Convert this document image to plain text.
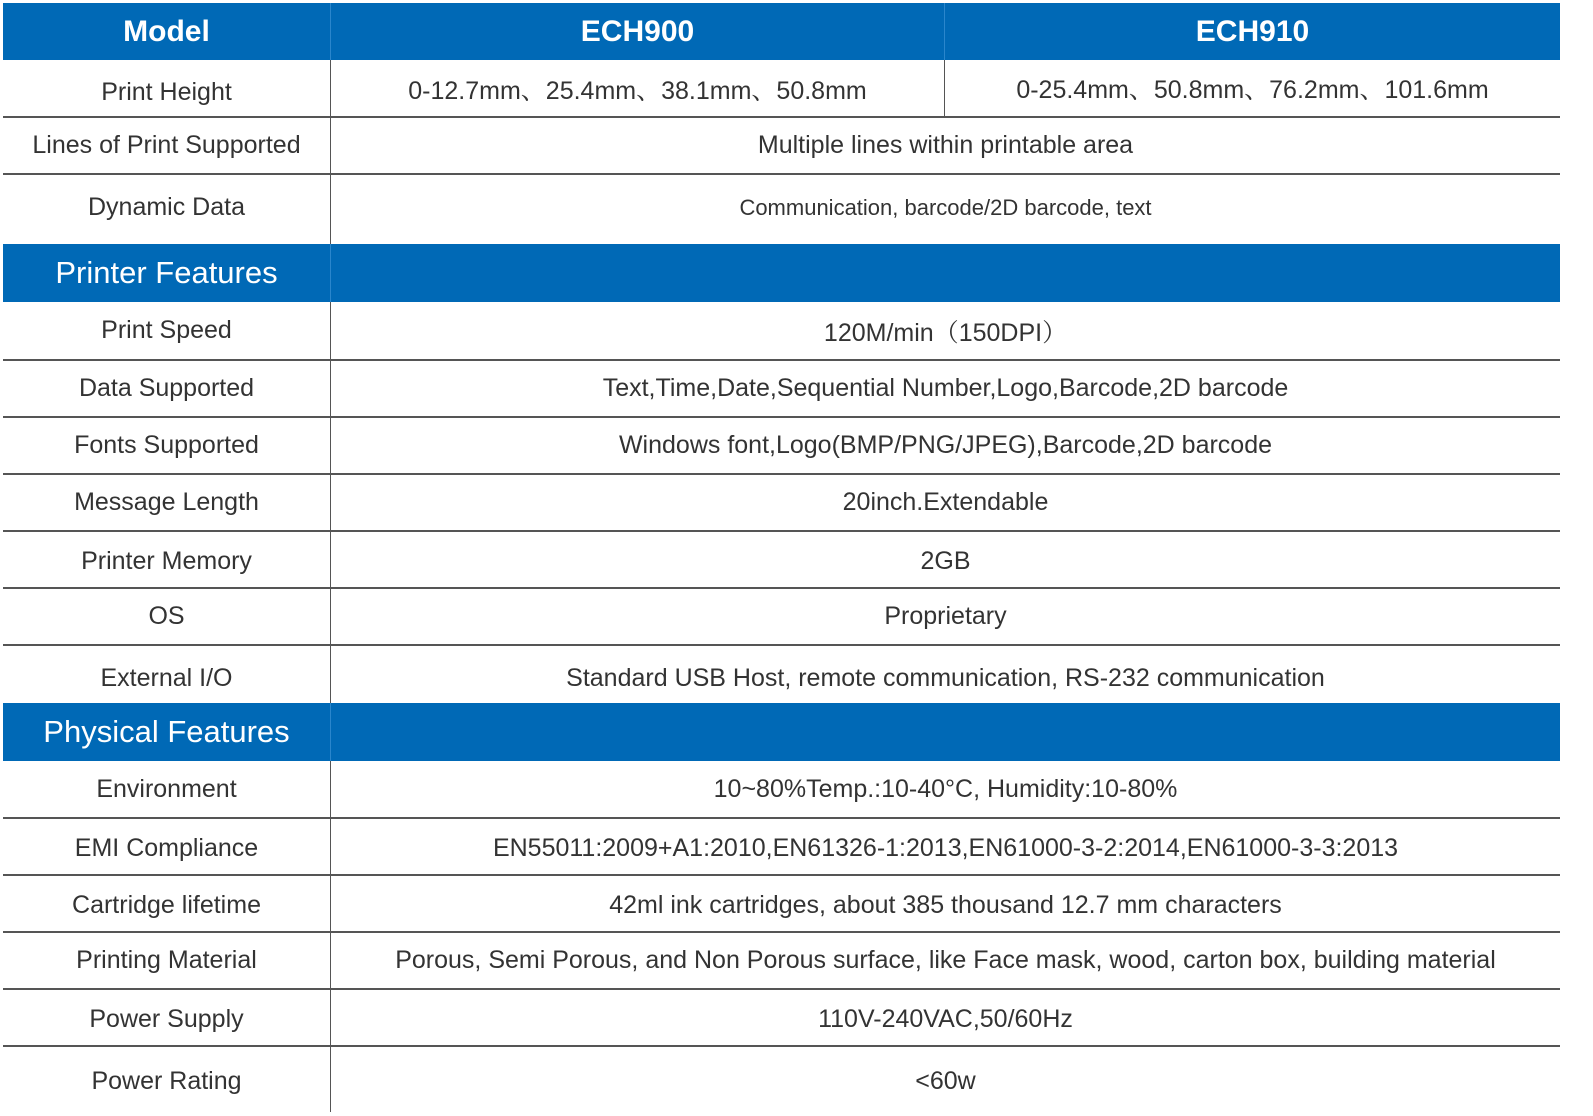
Model	ECH900	ECH910
Print Height	0-12.7mm、25.4mm、38.1mm、50.8mm	0-25.4mm、50.8mm、76.2mm、101.6mm
Lines of Print Supported	Multiple lines within printable area
Dynamic Data	Communication, barcode/2D barcode, text
Printer Features
Print Speed	120M/min（150DPI）
Data Supported	Text,Time,Date,Sequential Number,Logo,Barcode,2D barcode
Fonts Supported	Windows font,Logo(BMP/PNG/JPEG),Barcode,2D barcode
Message Length	20inch.Extendable
Printer Memory	2GB
OS	Proprietary
External I/O	Standard USB Host, remote communication, RS-232 communication
Physical Features
Environment	10~80%Temp.:10-40°C, Humidity:10-80%
EMI Compliance	EN55011:2009+A1:2010,EN61326-1:2013,EN61000-3-2:2014,EN61000-3-3:2013
Cartridge lifetime	42ml ink cartridges, about 385 thousand 12.7 mm characters
Printing Material	Porous, Semi Porous, and Non Porous surface, like Face mask, wood, carton box, building material
Power Supply	110V-240VAC,50/60Hz
Power Rating	<60w
